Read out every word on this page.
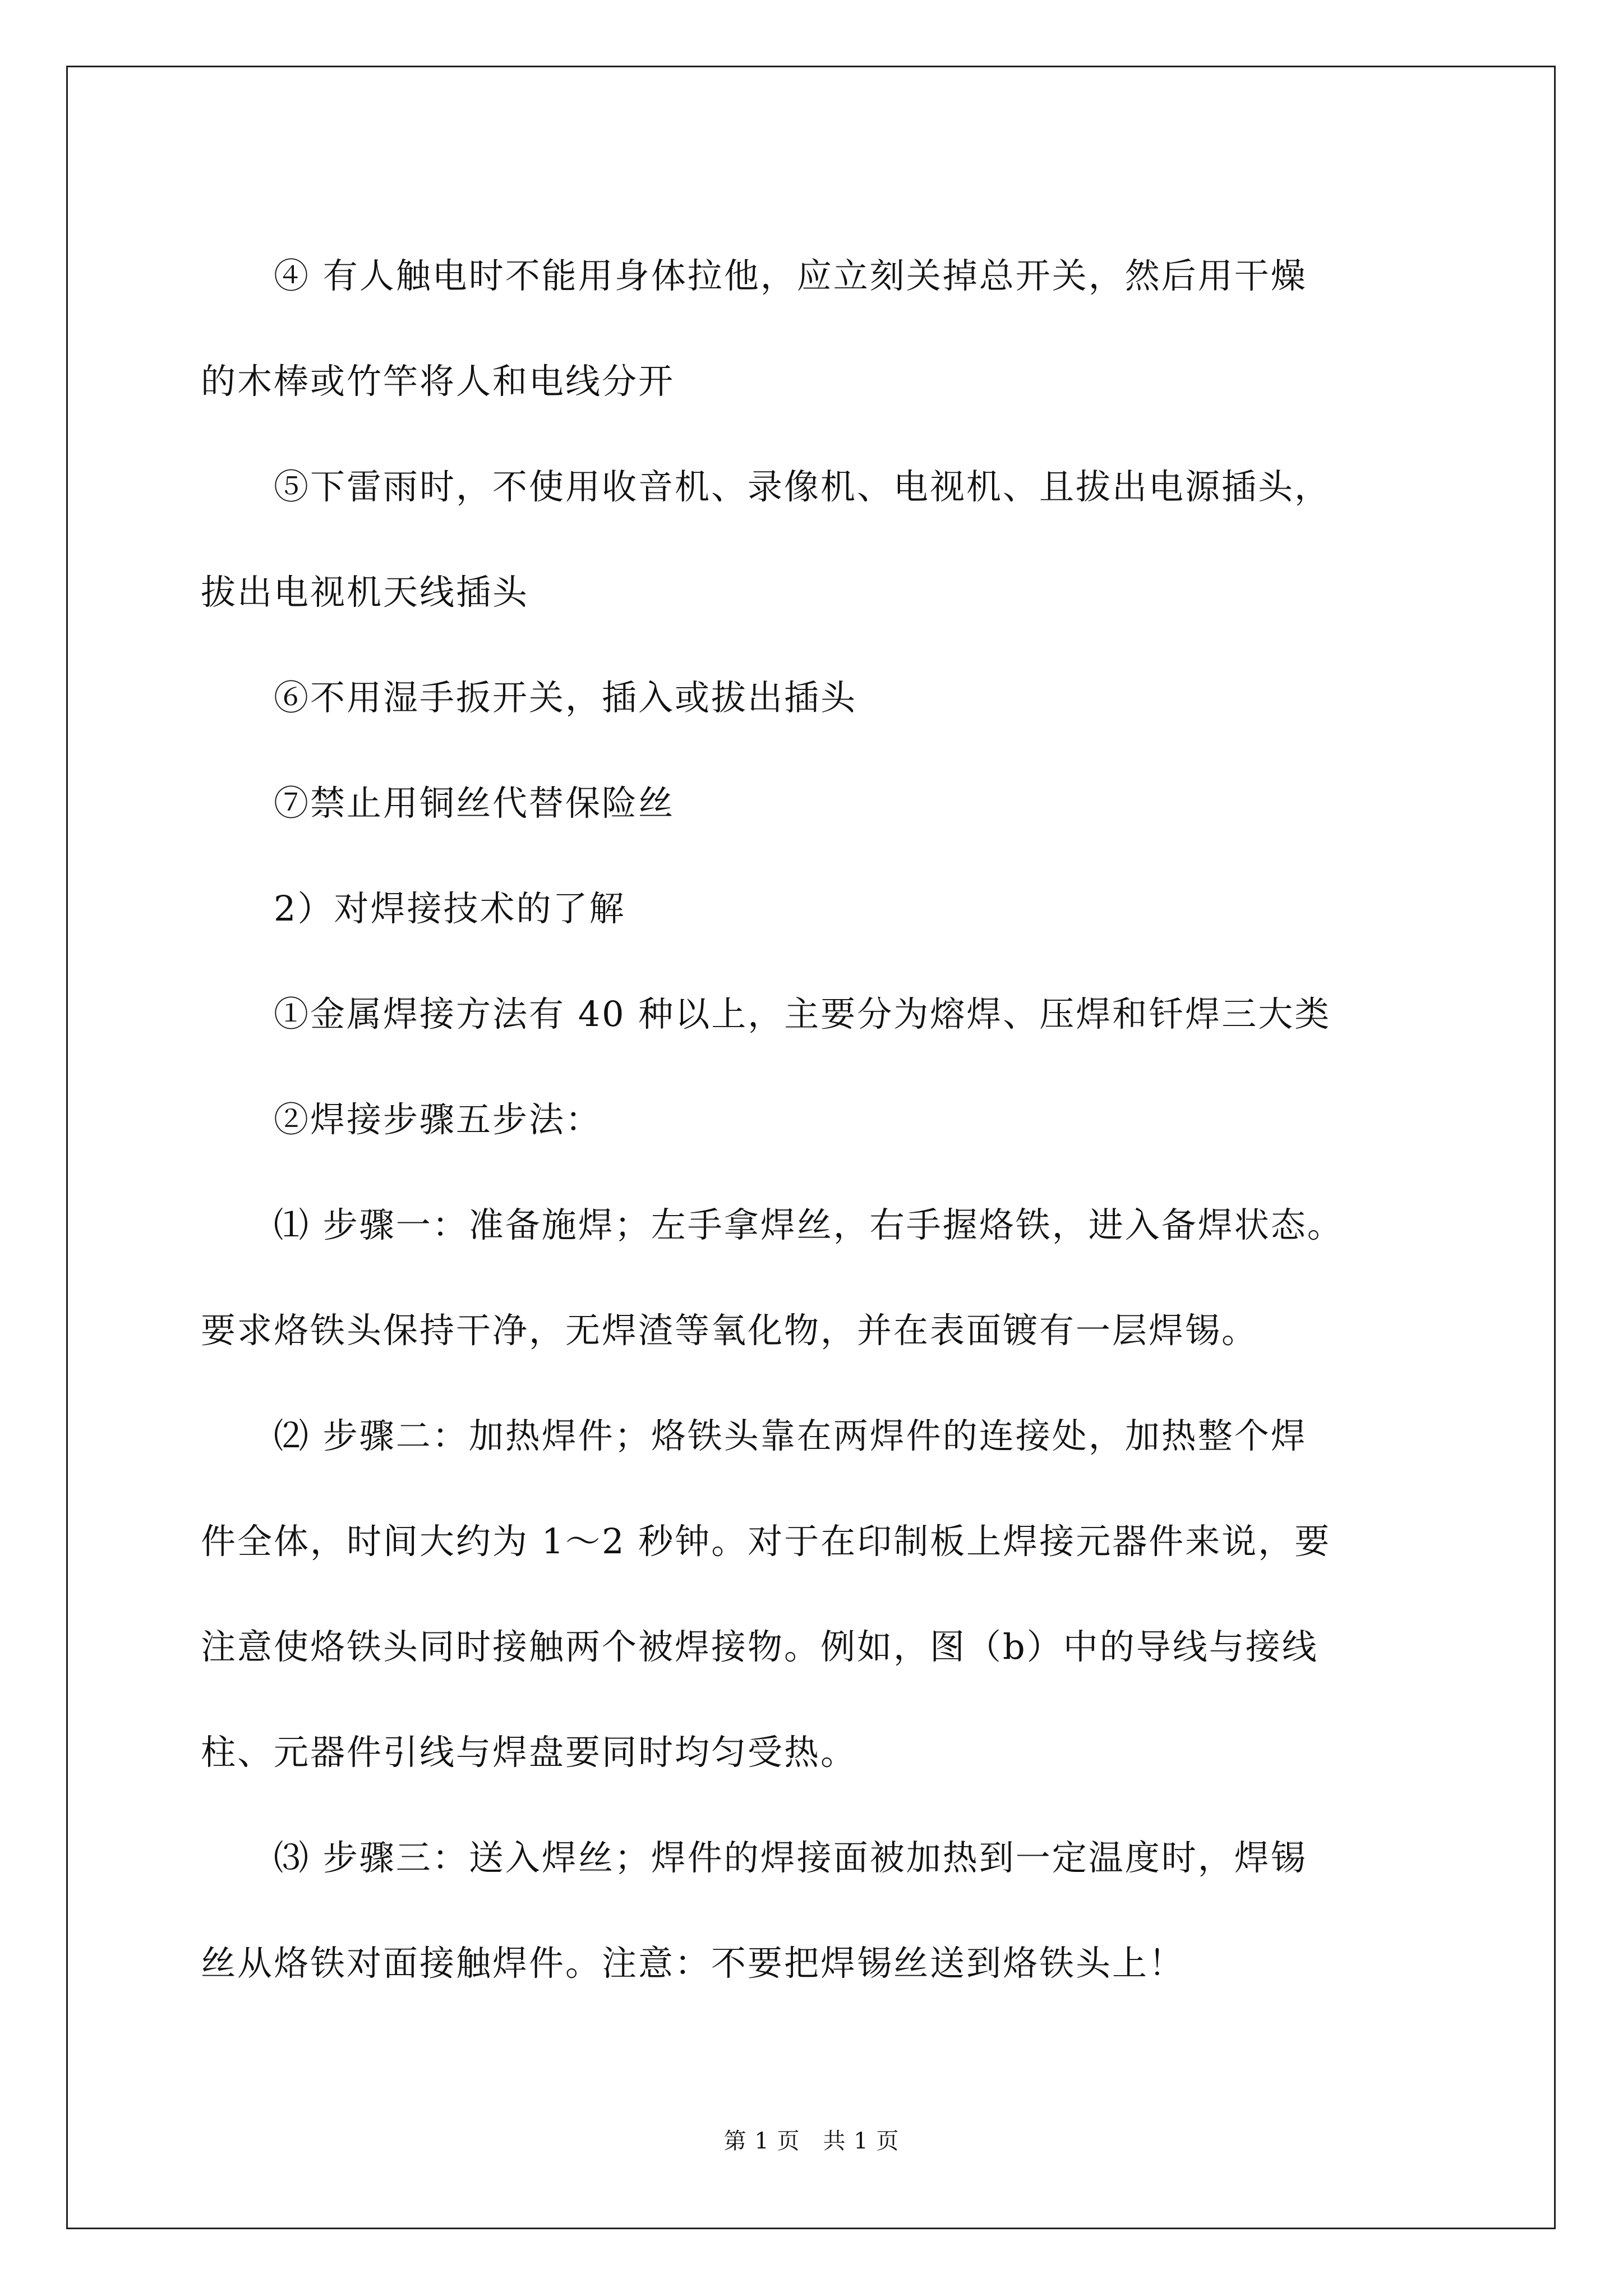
　　④ 有人触电时不能用身体拉他，应立刻关掉总开关，然后用干燥
的木棒或竹竿将人和电线分开
　　⑤下雷雨时，不使用收音机、录像机、电视机、且拔出电源插头，
拔出电视机天线插头
　　⑥不用湿手扳开关，插入或拔出插头
　　⑦禁止用铜丝代替保险丝
　　2）对焊接技术的了解
　　①金属焊接方法有 40 种以上，主要分为熔焊、压焊和钎焊三大类
　　②焊接步骤五步法：
　　⑴ 步骤一：准备施焊；左手拿焊丝，右手握烙铁，进入备焊状态。
要求烙铁头保持干净，无焊渣等氧化物，并在表面镀有一层焊锡。
　　⑵ 步骤二：加热焊件；烙铁头靠在两焊件的连接处，加热整个焊
件全体，时间大约为 1～2 秒钟。对于在印制板上焊接元器件来说，要
注意使烙铁头同时接触两个被焊接物。例如，图（b）中的导线与接线
柱、元器件引线与焊盘要同时均匀受热。
　　⑶ 步骤三：送入焊丝；焊件的焊接面被加热到一定温度时，焊锡
丝从烙铁对面接触焊件。注意：不要把焊锡丝送到烙铁头上！
第 1 页　共 1 页
